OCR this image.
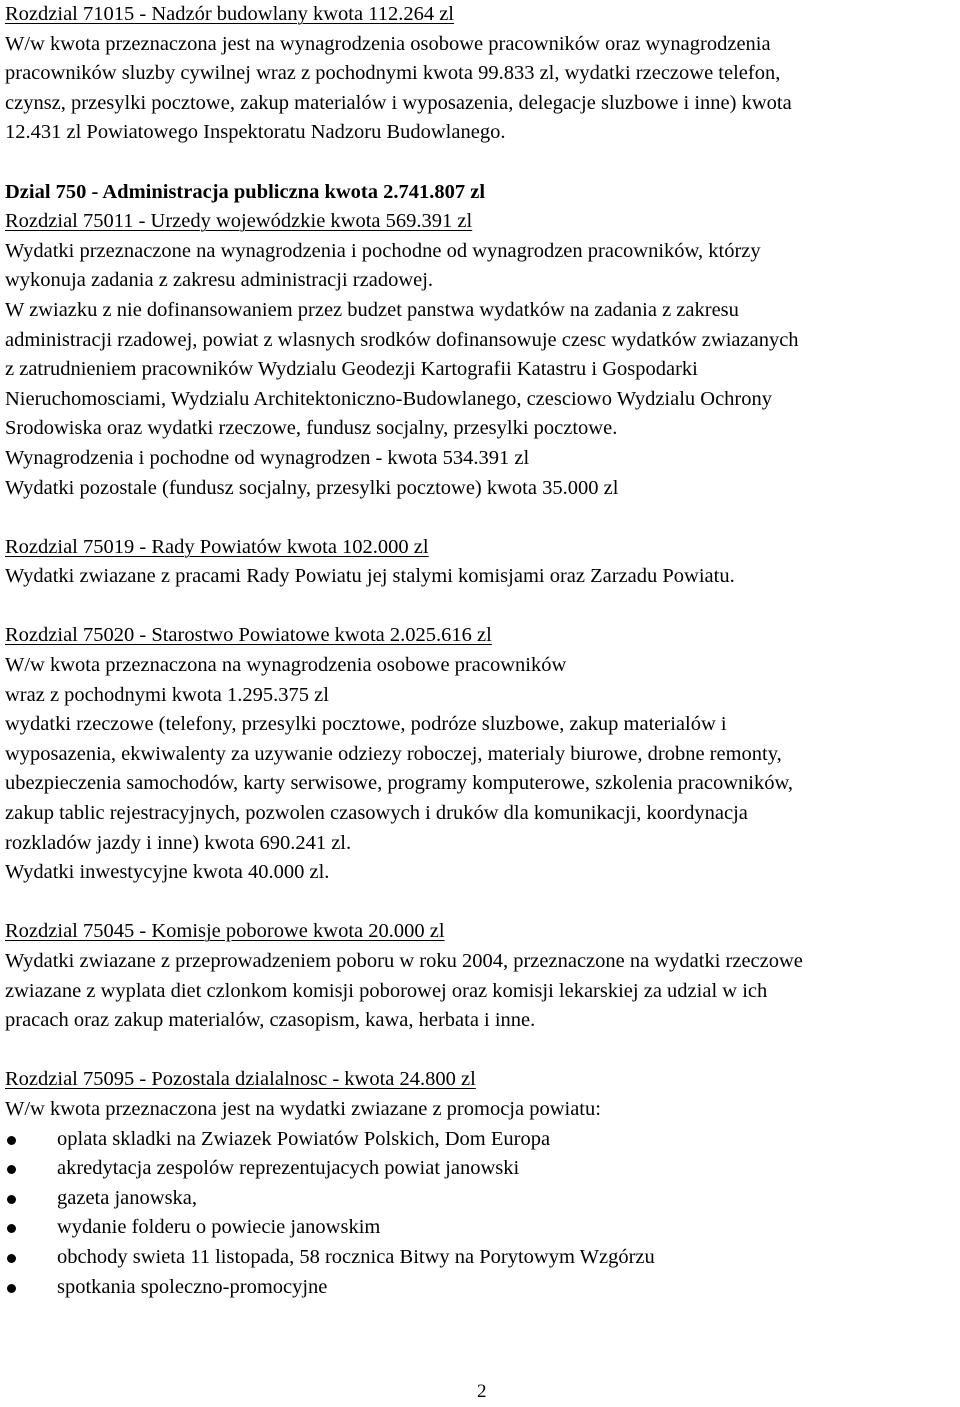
Rozdzial 71015 - Nadzór budowlany kwota 112.264 zl
W/w kwota przeznaczona jest na wynagrodzenia osobowe pracowników oraz wynagrodzenia
pracowników sluzby cywilnej wraz z pochodnymi kwota 99.833 zl, wydatki rzeczowe telefon,
czynsz, przesylki pocztowe, zakup materialów i wyposazenia, delegacje sluzbowe i inne) kwota
12.431 zl Powiatowego Inspektoratu Nadzoru Budowlanego.
Dzial 750 - Administracja publiczna kwota 2.741.807 zl
Rozdzial 75011 - Urzedy wojewódzkie kwota 569.391 zl
Wydatki przeznaczone na wynagrodzenia i pochodne od wynagrodzen pracowników, którzy
wykonuja zadania z zakresu administracji rzadowej.
W zwiazku z nie dofinansowaniem przez budzet panstwa wydatków na zadania z zakresu
administracji rzadowej, powiat z wlasnych srodków dofinansowuje czesc wydatków zwiazanych
z zatrudnieniem pracowników Wydzialu Geodezji Kartografii Katastru i Gospodarki
Nieruchomosciami, Wydzialu Architektoniczno-Budowlanego, czesciowo Wydzialu Ochrony
Srodowiska oraz wydatki rzeczowe, fundusz socjalny, przesylki pocztowe.
Wynagrodzenia i pochodne od wynagrodzen - kwota 534.391 zl
Wydatki pozostale (fundusz socjalny, przesylki pocztowe) kwota 35.000 zl
Rozdzial 75019 - Rady Powiatów kwota 102.000 zl
Wydatki zwiazane z pracami Rady Powiatu jej stalymi komisjami oraz Zarzadu Powiatu.
Rozdzial 75020 - Starostwo Powiatowe kwota 2.025.616 zl
W/w kwota przeznaczona na wynagrodzenia osobowe pracowników
wraz z pochodnymi kwota 1.295.375 zl
wydatki rzeczowe (telefony, przesylki pocztowe, podróze sluzbowe, zakup materialów i
wyposazenia, ekwiwalenty za uzywanie odziezy roboczej, materialy biurowe, drobne remonty,
ubezpieczenia samochodów, karty serwisowe, programy komputerowe, szkolenia pracowników,
zakup tablic rejestracyjnych, pozwolen czasowych i druków dla komunikacji, koordynacja
rozkladów jazdy i inne) kwota 690.241 zl.
Wydatki inwestycyjne kwota 40.000 zl.
Rozdzial 75045 - Komisje poborowe kwota 20.000 zl
Wydatki zwiazane z przeprowadzeniem poboru w roku 2004, przeznaczone na wydatki rzeczowe
zwiazane z wyplata diet czlonkom komisji poborowej oraz komisji lekarskiej za udzial w ich
pracach oraz zakup materialów, czasopism, kawa, herbata i inne.
Rozdzial 75095 - Pozostala dzialalnosc - kwota 24.800 zl
W/w kwota przeznaczona jest na wydatki zwiazane z promocja powiatu:
oplata skladki na Zwiazek Powiatów Polskich, Dom Europa
akredytacja zespolów reprezentujacych powiat janowski
gazeta janowska,
wydanie folderu o powiecie janowskim
obchody swieta 11 listopada, 58 rocznica Bitwy na Porytowym Wzgórzu
spotkania spoleczno-promocyjne
2
